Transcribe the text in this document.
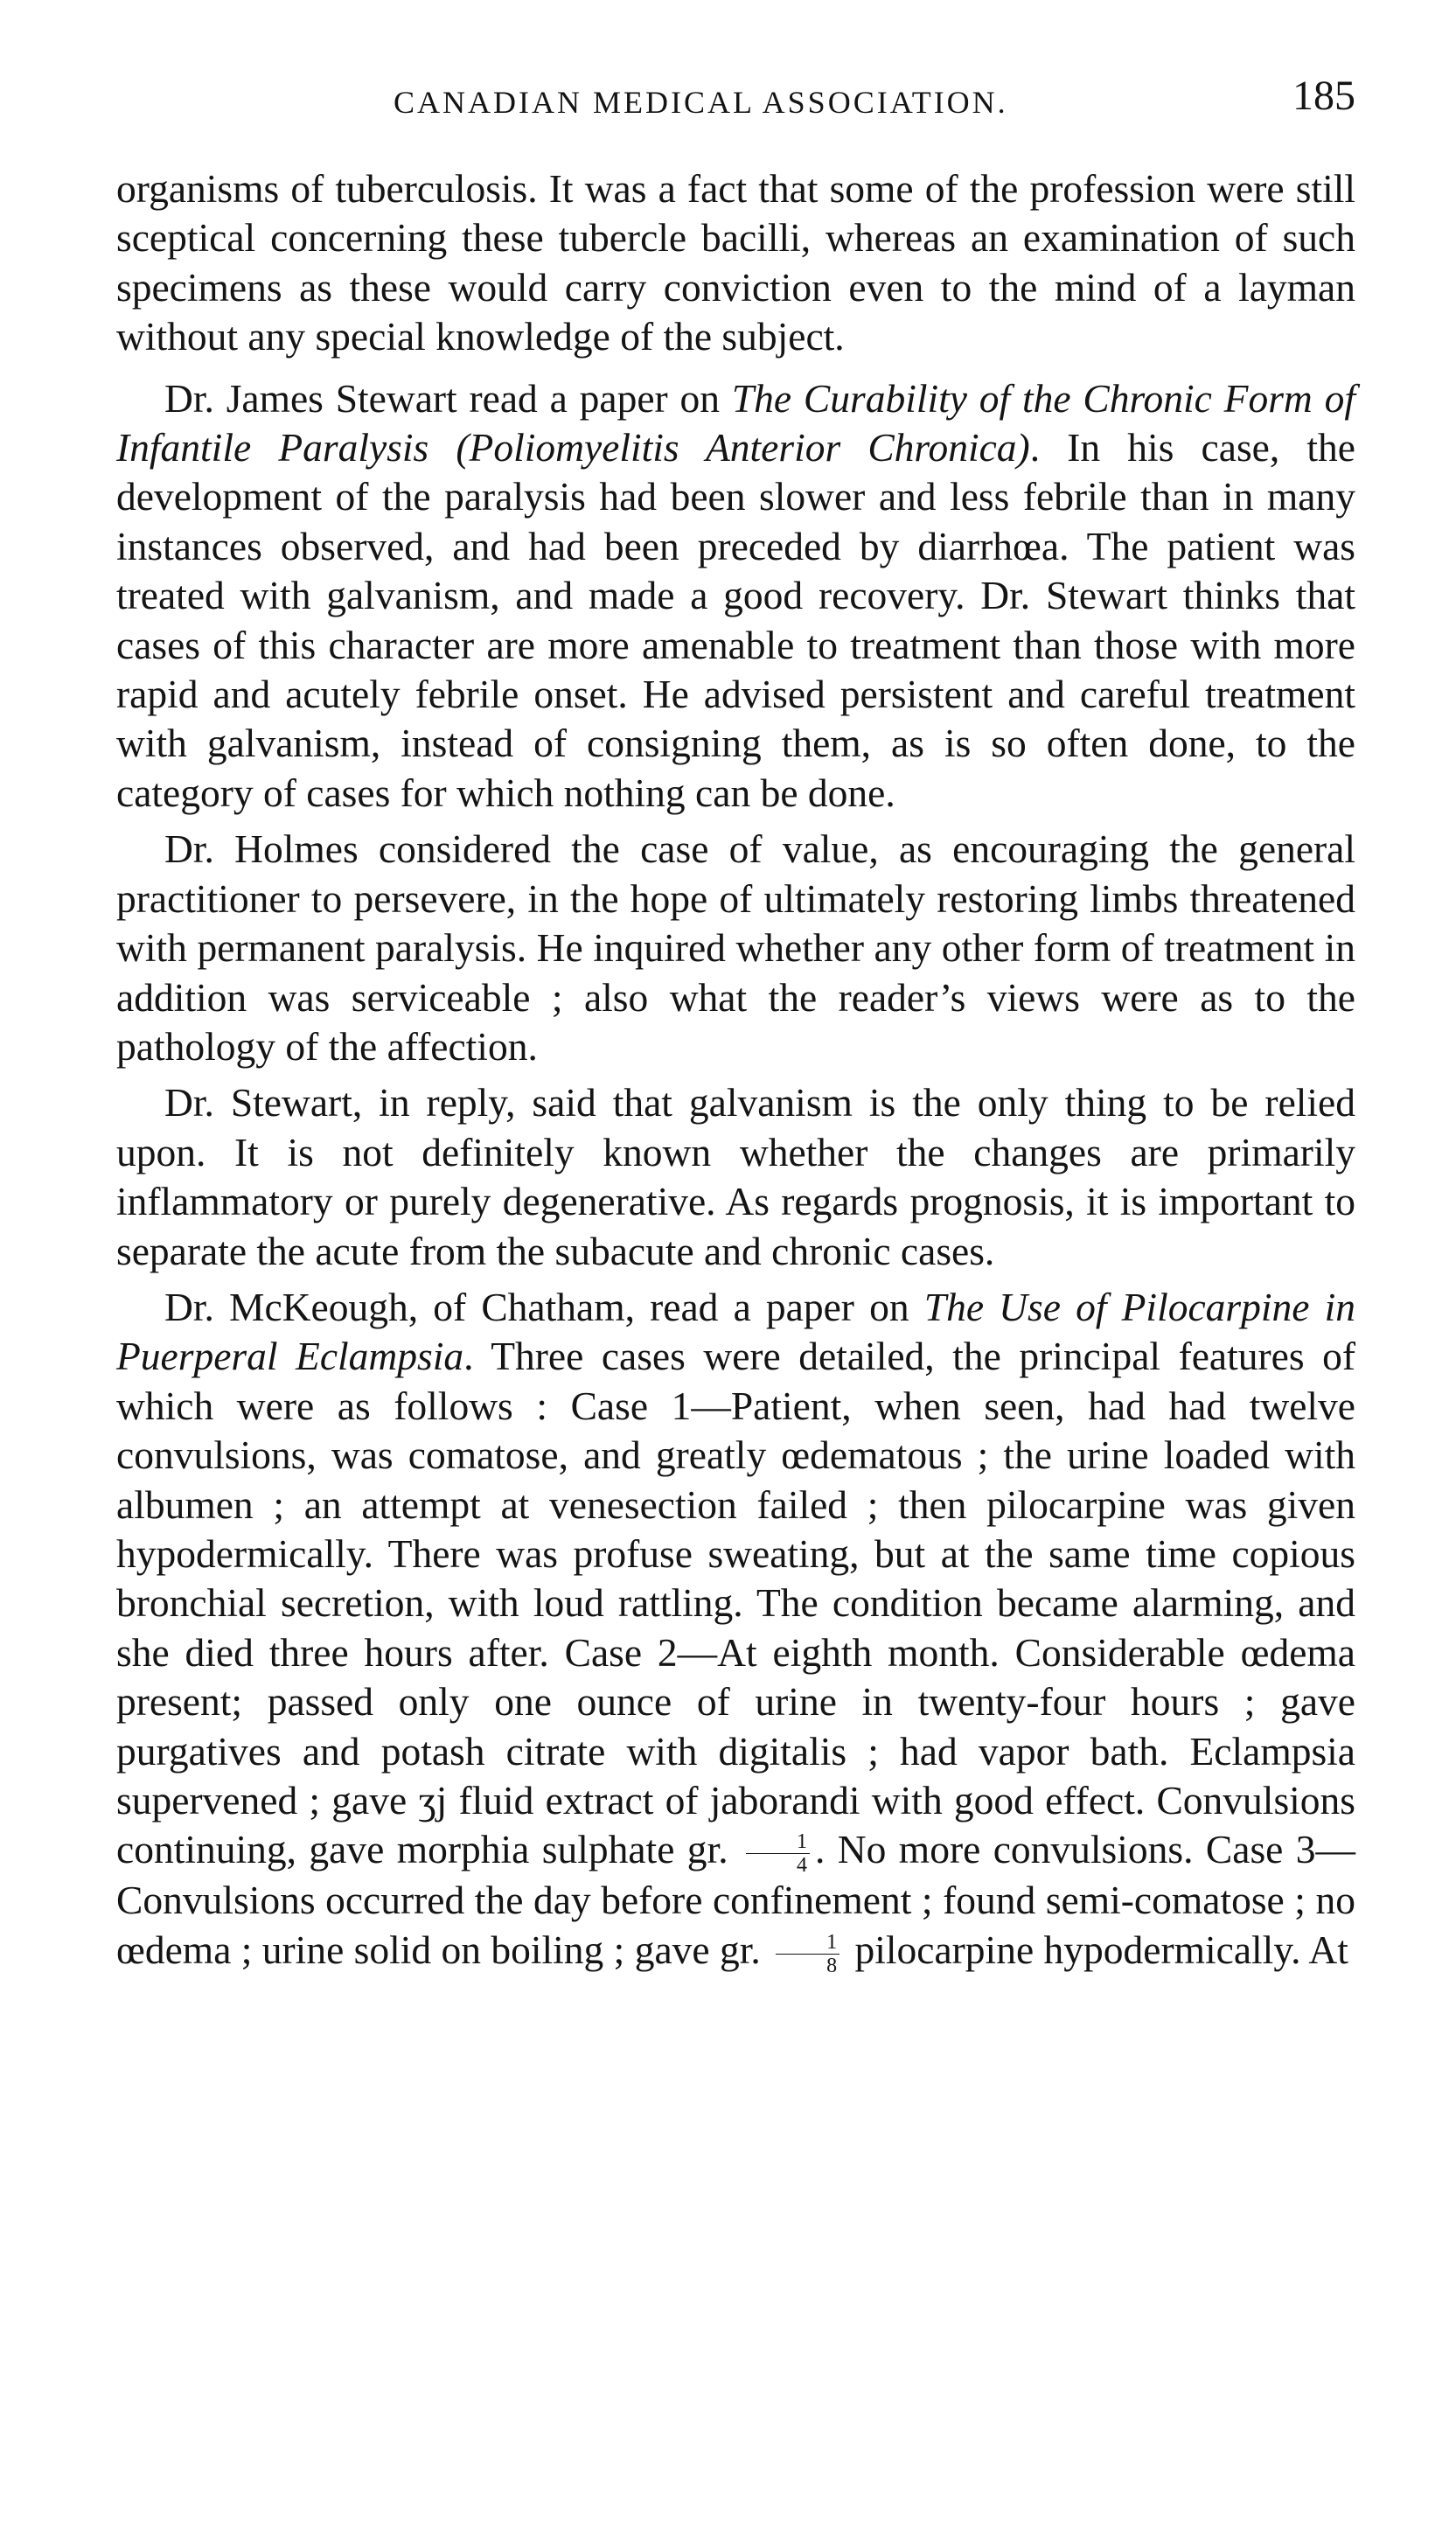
CANADIAN MEDICAL ASSOCIATION.	185

organisms of tuberculosis. It was a fact that some of the profession were still sceptical concerning these tubercle bacilli, whereas an examination of such specimens as these would carry conviction even to the mind of a layman without any special knowledge of the subject.

Dr. James Stewart read a paper on The Curability of the Chronic Form of Infantile Paralysis (Poliomyelitis Anterior Chronica). In his case, the development of the paralysis had been slower and less febrile than in many instances observed, and had been preceded by diarrhœa. The patient was treated with galvanism, and made a good recovery. Dr. Stewart thinks that cases of this character are more amenable to treatment than those with more rapid and acutely febrile onset. He advised persistent and careful treatment with galvanism, instead of consigning them, as is so often done, to the category of cases for which nothing can be done.

Dr. Holmes considered the case of value, as encouraging the general practitioner to persevere, in the hope of ultimately restoring limbs threatened with permanent paralysis. He inquired whether any other form of treatment in addition was serviceable ; also what the reader’s views were as to the pathology of the affection.

Dr. Stewart, in reply, said that galvanism is the only thing to be relied upon. It is not definitely known whether the changes are primarily inflammatory or purely degenerative. As regards prognosis, it is important to separate the acute from the subacute and chronic cases.

Dr. McKeough, of Chatham, read a paper on The Use of Pilocarpine in Puerperal Eclampsia. Three cases were detailed, the principal features of which were as follows : Case 1—Patient, when seen, had had twelve convulsions, was comatose, and greatly œdematous ; the urine loaded with albumen ; an attempt at venesection failed ; then pilocarpine was given hypodermically. There was profuse sweating, but at the same time copious bronchial secretion, with loud rattling. The condition became alarming, and she died three hours after. Case 2—At eighth month. Considerable œdema present; passed only one ounce of urine in twenty-four hours ; gave purgatives and potash citrate with digitalis ; had vapor bath. Eclampsia supervened ; gave ʒj fluid extract of jaborandi with good effect. Convulsions continuing, gave morphia sulphate gr. $\frac{1}{4}$ . No more convulsions. Case 3—Convulsions occurred the day before confinement ; found semi-comatose ; no œdema ; urine solid on boiling ; gave gr. $\frac{1}{8}$ pilocarpine hypodermically. At
